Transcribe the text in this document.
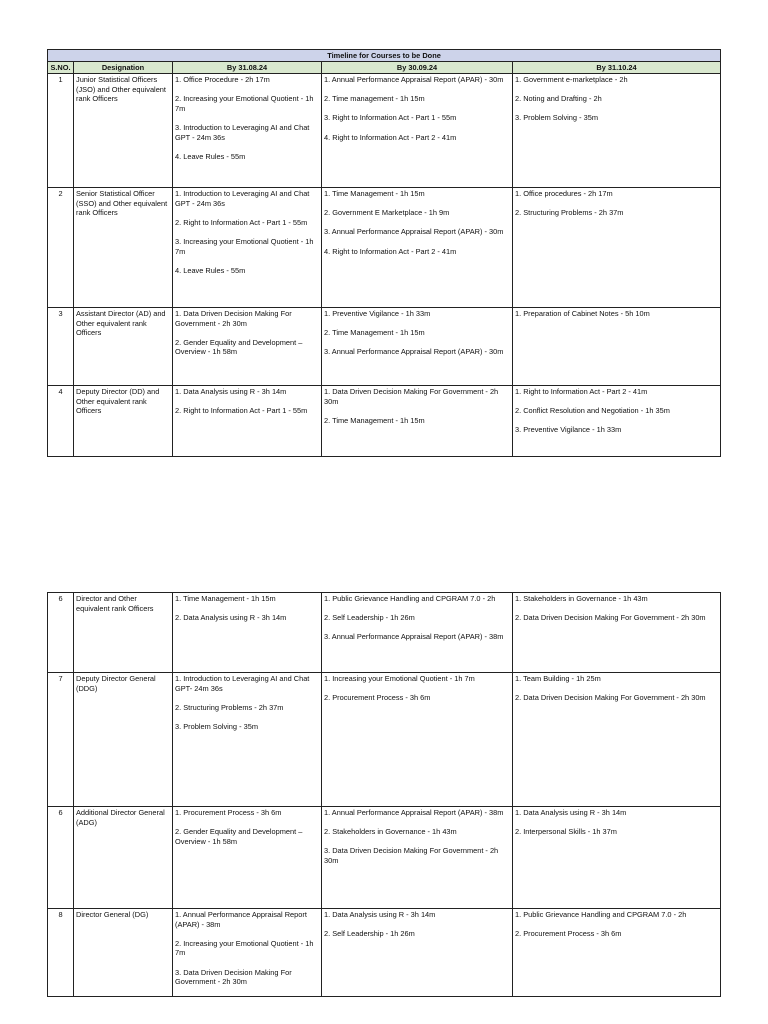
Timeline for Courses to be Done				
S.NO.	Designation	By 31.08.24	By 30.09.24	By 31.10.24
1	Junior Statistical Officers (JSO) and Other equivalent rank Officers	1. Office Procedure - 2h 17m
2. Increasing your Emotional Quotient - 1h 7m
3. Introduction to Leveraging AI and Chat GPT - 24m 36s
4. Leave Rules - 55m	1. Annual Performance Appraisal Report (APAR) - 30m
2. Time management - 1h 15m
3. Right to Information Act - Part 1 - 55m
4. Right to Information Act - Part 2 - 41m	1. Government e-marketplace - 2h
2. Noting and Drafting - 2h
3. Problem Solving - 35m

2	Senior Statistical Officer (SSO) and Other equivalent rank Officers	1. Introduction to Leveraging AI and Chat GPT - 24m 36s
2. Right to Information Act - Part 1 - 55m
3. Increasing your Emotional Quotient - 1h 7m
4. Leave Rules - 55m	1. Time Management - 1h 15m
2. Government E Marketplace - 1h 9m
3. Annual Performance Appraisal Report (APAR) - 30m
4. Right to Information Act - Part 2 - 41m	1. Office procedures - 2h 17m
2. Structuring Problems - 2h 37m

3	Assistant Director (AD) and Other equivalent rank Officers	1. Data Driven Decision Making For Government - 2h 30m
2. Gender Equality and Development – Overview - 1h 58m	1. Preventive Vigilance - 1h 33m
2. Time Management - 1h 15m
3. Annual Performance Appraisal Report (APAR) - 30m	1. Preparation of Cabinet Notes - 5h 10m

4	Deputy Director (DD) and Other equivalent rank Officers	1. Data Analysis using R - 3h 14m
2. Right to Information Act - Part 1 - 55m	1. Data Driven Decision Making For Government - 2h 30m
2. Time Management - 1h 15m	1. Right to Information Act - Part 2 - 41m
2. Conflict Resolution and Negotiation - 1h 35m
3. Preventive Vigilance - 1h 33m
6	Director and Other equivalent rank Officers	1. Time Management - 1h 15m
2. Data Analysis using R - 3h 14m	1. Public Grievance Handling and CPGRAM 7.0 - 2h
2. Self Leadership - 1h 26m
3. Annual Performance Appraisal Report (APAR) - 38m	1. Stakeholders in Governance - 1h 43m
2. Data Driven Decision Making For Government - 2h 30m

7	Deputy Director General (DDG)	1. Introduction to Leveraging AI and Chat GPT- 24m 36s
2. Structuring Problems - 2h 37m
3. Problem Solving - 35m	1. Increasing your Emotional Quotient - 1h 7m
2. Procurement Process - 3h 6m	1. Team Building - 1h 25m
2. Data Driven Decision Making For Government - 2h 30m

6	Additional Director General (ADG)	1. Procurement Process - 3h 6m
2. Gender Equality and Development – Overview - 1h 58m	1. Annual Performance Appraisal Report (APAR) - 38m
2. Stakeholders in Governance - 1h 43m
3. Data Driven Decision Making For Government - 2h 30m	1. Data Analysis using R - 3h 14m
2. Interpersonal Skills - 1h 37m

8	Director General (DG)	1. Annual Performance Appraisal Report (APAR) - 38m
2. Increasing your Emotional Quotient - 1h 7m
3. Data Driven Decision Making For Government - 2h 30m	1. Data Analysis using R - 3h 14m
2. Self Leadership - 1h 26m	1. Public Grievance Handling and CPGRAM 7.0 - 2h
2. Procurement Process - 3h 6m
